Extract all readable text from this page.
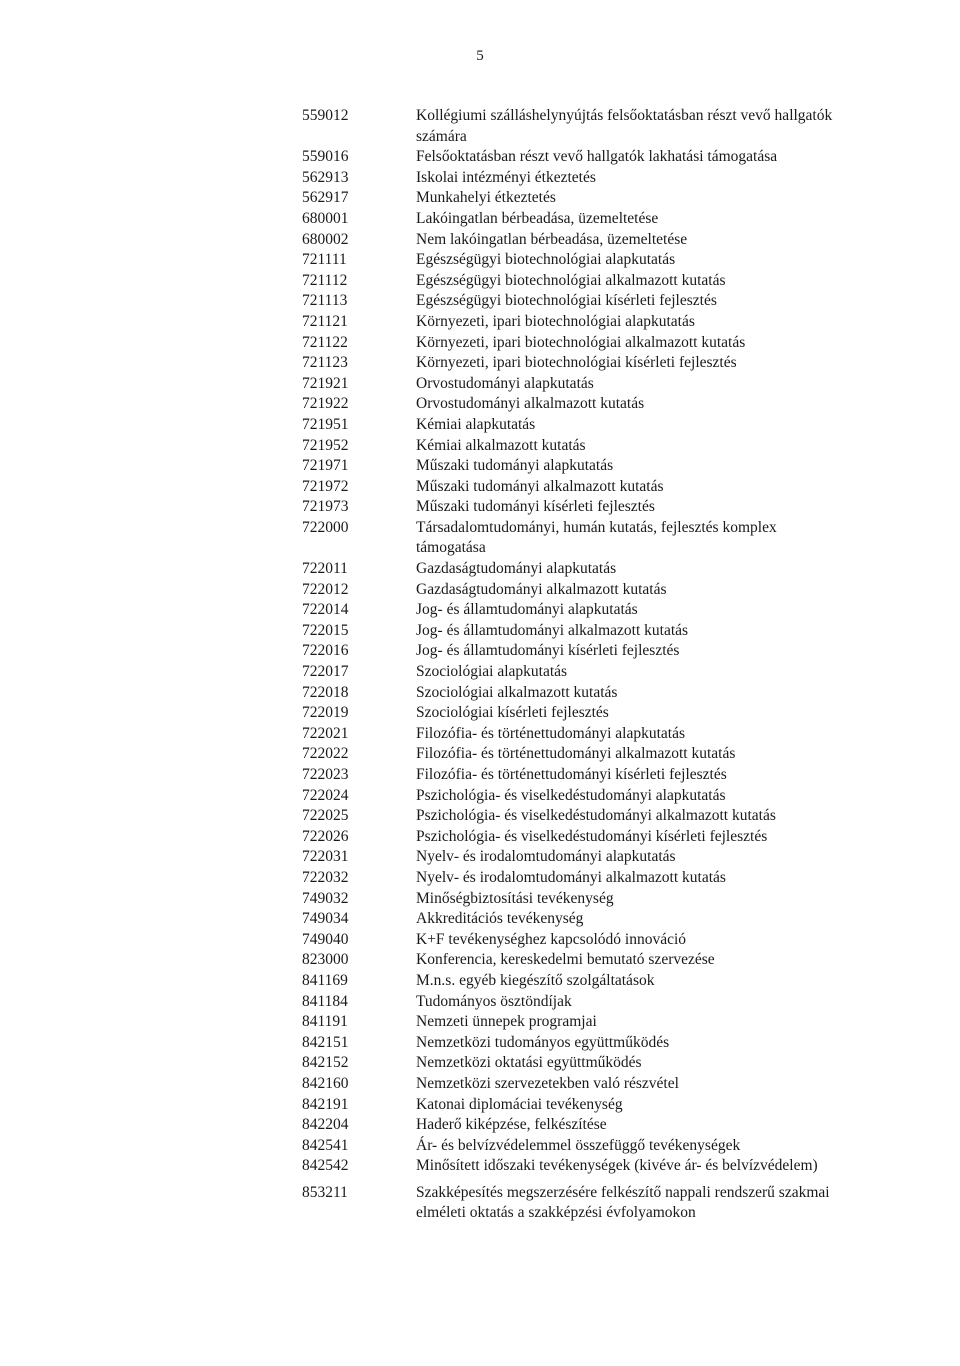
5
559012	Kollégiumi szálláshelynyújtás felsőoktatásban részt vevő hallgatók számára
559016	Felsőoktatásban részt vevő hallgatók lakhatási támogatása
562913	Iskolai intézményi étkeztetés
562917	Munkahelyi étkeztetés
680001	Lakóingatlan bérbeadása, üzemeltetése
680002	Nem lakóingatlan bérbeadása, üzemeltetése
721111	Egészségügyi biotechnológiai alapkutatás
721112	Egészségügyi biotechnológiai alkalmazott kutatás
721113	Egészségügyi biotechnológiai kísérleti fejlesztés
721121	Környezeti, ipari biotechnológiai alapkutatás
721122	Környezeti, ipari biotechnológiai alkalmazott kutatás
721123	Környezeti, ipari biotechnológiai kísérleti fejlesztés
721921	Orvostudományi alapkutatás
721922	Orvostudományi alkalmazott kutatás
721951	Kémiai alapkutatás
721952	Kémiai alkalmazott kutatás
721971	Műszaki tudományi alapkutatás
721972	Műszaki tudományi alkalmazott kutatás
721973	Műszaki tudományi kísérleti fejlesztés
722000	Társadalomtudományi, humán kutatás, fejlesztés komplex támogatása
722011	Gazdaságtudományi alapkutatás
722012	Gazdaságtudományi alkalmazott kutatás
722014	Jog- és államtudományi alapkutatás
722015	Jog- és államtudományi alkalmazott kutatás
722016	Jog- és államtudományi kísérleti fejlesztés
722017	Szociológiai alapkutatás
722018	Szociológiai alkalmazott kutatás
722019	Szociológiai kísérleti fejlesztés
722021	Filozófia- és történettudományi alapkutatás
722022	Filozófia- és történettudományi alkalmazott kutatás
722023	Filozófia- és történettudományi kísérleti fejlesztés
722024	Pszichológia- és viselkedéstudományi alapkutatás
722025	Pszichológia- és viselkedéstudományi alkalmazott kutatás
722026	Pszichológia- és viselkedéstudományi kísérleti fejlesztés
722031	Nyelv- és irodalomtudományi alapkutatás
722032	Nyelv- és irodalomtudományi alkalmazott kutatás
749032	Minőségbiztosítási tevékenység
749034	Akkreditációs tevékenység
749040	K+F tevékenységhez kapcsolódó innováció
823000	Konferencia, kereskedelmi bemutató szervezése
841169	M.n.s. egyéb kiegészítő szolgáltatások
841184	Tudományos ösztöndíjak
841191	Nemzeti ünnepek programjai
842151	Nemzetközi tudományos együttműködés
842152	Nemzetközi oktatási együttműködés
842160	Nemzetközi szervezetekben való részvétel
842191	Katonai diplomáciai tevékenység
842204	Haderő kiképzése, felkészítése
842541	Ár- és belvízvédelemmel összefüggő tevékenységek
842542	Minősített időszaki tevékenységek (kivéve ár- és belvízvédelem)
853211	Szakképesítés megszerzésére felkészítő nappali rendszerű szakmai elméleti oktatás a szakképzési évfolyamokon
